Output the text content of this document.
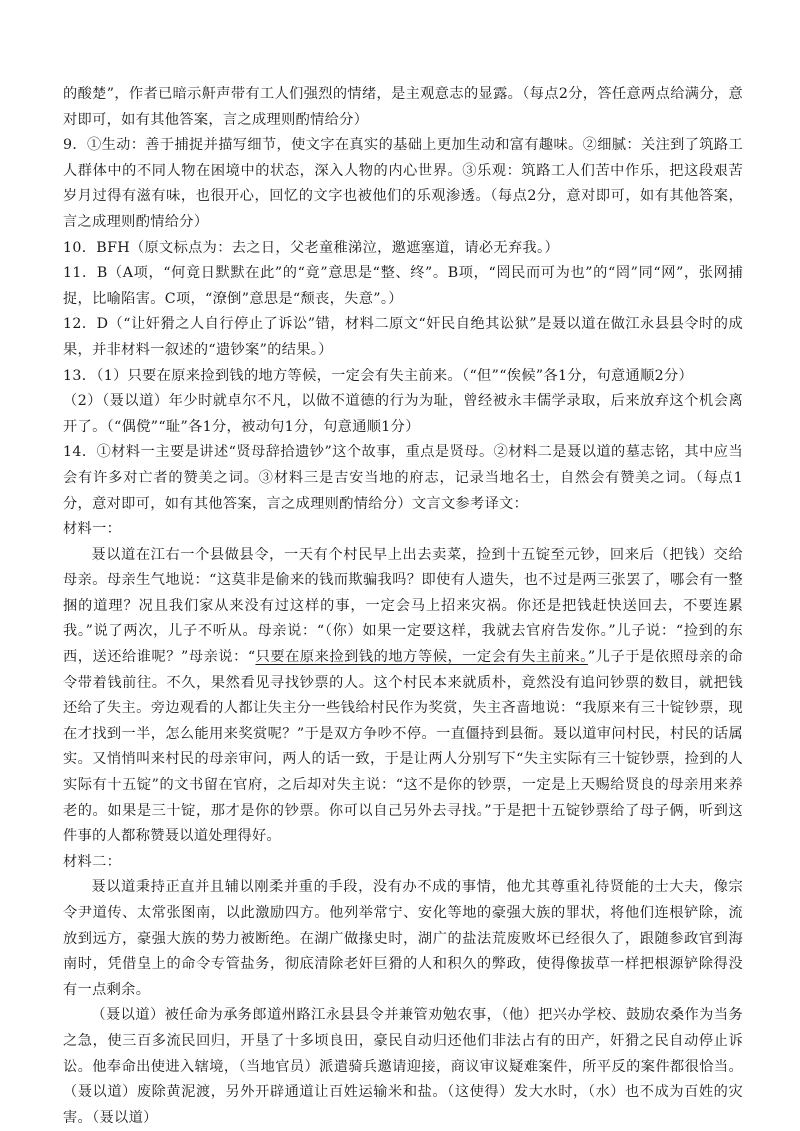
的酸楚”，作者已暗示鼾声带有工人们强烈的情绪，是主观意志的显露。（每点2分，答任意两点给满分，意对即可，如有其他答案，言之成理则酌情给分）

9．①生动：善于捕捉并描写细节，使文字在真实的基础上更加生动和富有趣味。②细腻：关注到了筑路工人群体中的不同人物在困境中的状态，深入人物的内心世界。③乐观：筑路工人们苦中作乐，把这段艰苦岁月过得有滋有味，也很开心，回忆的文字也被他们的乐观渗透。（每点2分，意对即可，如有其他答案，言之成理则酌情给分）

10．BFH（原文标点为：去之日，父老童稚涕泣，邀遮塞道，请必无弃我。）

11．B（A项，“何竟日默默在此”的“竟”意思是“整、终”。B项，“罔民而可为也”的“罔”同“网”，张网捕捉，比喻陷害。C项，“潦倒”意思是“颓丧，失意”。）

12．D（“让奸猾之人自行停止了诉讼”错，材料二原文“奸民自绝其讼狱”是聂以道在做江永县县令时的成果，并非材料一叙述的“遗钞案”的结果。）

13．（1）只要在原来捡到钱的地方等候，一定会有失主前来。（“但”“俟候”各1分，句意通顺2分）

（2）（聂以道）年少时就卓尔不凡，以做不道德的行为为耻，曾经被永丰儒学录取，后来放弃这个机会离开了。（“偶傥”“耻”各1分，被动句1分，句意通顺1分）

14．①材料一主要是讲述“贤母辞拾遗钞”这个故事，重点是贤母。②材料二是聂以道的墓志铭，其中应当会有许多对亡者的赞美之词。③材料三是吉安当地的府志，记录当地名士，自然会有赞美之词。（每点1分，意对即可，如有其他答案，言之成理则酌情给分）文言文参考译文：

材料一：

聂以道在江右一个县做县令，一天有个村民早上出去卖菜，捡到十五锭至元钞，回来后（把钱）交给母亲。母亲生气地说：“这莫非是偷来的钱而欺骗我吗？即使有人遗失，也不过是两三张罢了，哪会有一整捆的道理？况且我们家从来没有过这样的事，一定会马上招来灾祸。你还是把钱赶快送回去，不要连累我。”说了两次，儿子不听从。母亲说：“（你）如果一定要这样，我就去官府告发你。”儿子说：“捡到的东西，送还给谁呢？”母亲说：“只要在原来捡到钱的地方等候，一定会有失主前来。”儿子于是依照母亲的命令带着钱前往。不久，果然看见寻找钞票的人。这个村民本来就质朴，竟然没有追问钞票的数目，就把钱还给了失主。旁边观看的人都让失主分一些钱给村民作为奖赏，失主吝啬地说：“我原来有三十锭钞票，现在才找到一半，怎么能用来奖赏呢？”于是双方争吵不停。一直僵持到县衙。聂以道审问村民，村民的话属实。又悄悄叫来村民的母亲审问，两人的话一致，于是让两人分别写下“失主实际有三十锭钞票，捡到的人实际有十五锭”的文书留在官府，之后却对失主说：“这不是你的钞票，一定是上天赐给贤良的母亲用来养老的。如果是三十锭，那才是你的钞票。你可以自己另外去寻找。”于是把十五锭钞票给了母子俩，听到这件事的人都称赞聂以道处理得好。

材料二：

聂以道秉持正直并且辅以刚柔并重的手段，没有办不成的事情，他尤其尊重礼待贤能的士大夫，像宗令尹道传、太常张图南，以此激励四方。他列举常宁、安化等地的豪强大族的罪状，将他们连根铲除，流放到远方，豪强大族的势力被断绝。在湖广做掾史时，湖广的盐法荒废败坏已经很久了，跟随参政官到海南时，凭借皇上的命令专管盐务，彻底清除老奸巨猾的人和积久的弊政，使得像拔草一样把根源铲除得没有一点剩余。

（聂以道）被任命为承务郎道州路江永县县令并兼管劝勉农事，（他）把兴办学校、鼓励农桑作为当务之急，使三百多流民回归，开垦了十多顷良田，豪民自动归还他们非法占有的田产，奸猾之民自动停止诉讼。他奉命出使进入辖境，（当地官员）派遣骑兵邀请迎接，商议审议疑难案件，所平反的案件都很恰当。（聂以道）废除黄泥渡，另外开辟通道让百姓运输米和盐。（这使得）发大水时，（水）也不成为百姓的灾害。（聂以道）
